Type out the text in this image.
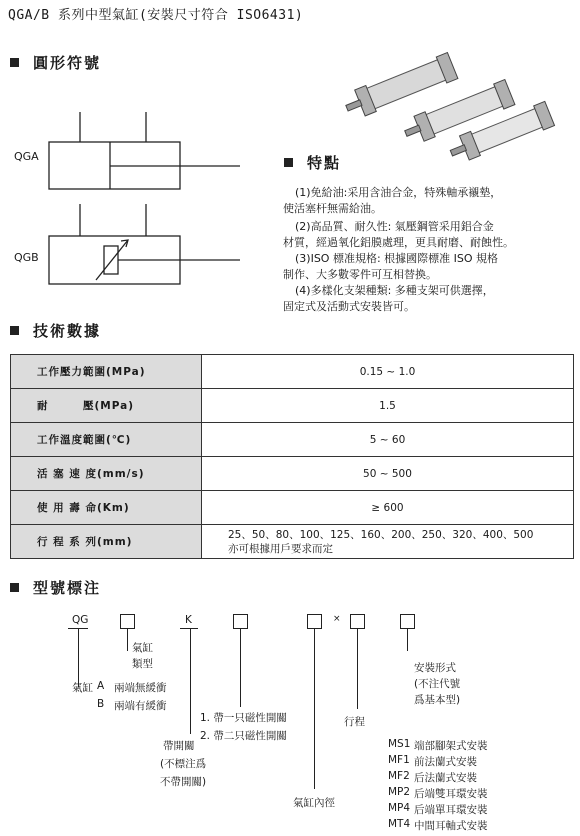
QGA/B 系列中型氣缸(安裝尺寸符合 ISO6431)
圓形符號
QGA
QGB
特點
(1)免給油:采用含油合金，特殊軸承襯墊，
使活塞杆無需給油。
(2)高品質、耐久性: 氣壓鋼管采用鋁合金
材質，經過氧化鋁膜處理，更具耐磨、耐蝕性。
(3)ISO 標准規格: 根據國際標准 ISO 規格
制作、大多數零件可互相替換。
(4)多樣化支架種類: 多種支架可供選擇，
固定式及活動式安裝皆可。
技術數據
工作壓力範圍(MPa)	0.15 ~ 1.0
耐　　　壓(MPa)	1.5
工作溫度範圍(℃)	5 ~ 60
活 塞 速 度(mm/s)	50 ~ 500
使 用 壽 命(Km)	≥ 600
行 程 系 列(mm)	25、50、80、100、125、160、200、250、320、400、500
亦可根據用戶要求而定
型號標注
QG	K	×
氣缸
類型
氣缸 A 兩端無緩衝
B 兩端有緩衝
1. 帶一只磁性開關
2. 帶二只磁性開關
帶開關
(不標注爲
不帶開關)
氣缸內徑
行程
安裝形式
(不注代號
爲基本型)
MS1 端部腳架式安裝
MF1 前法蘭式安裝
MF2 后法蘭式安裝
MP2 后端雙耳環安裝
MP4 后端單耳環安裝
MT4 中間耳軸式安裝
